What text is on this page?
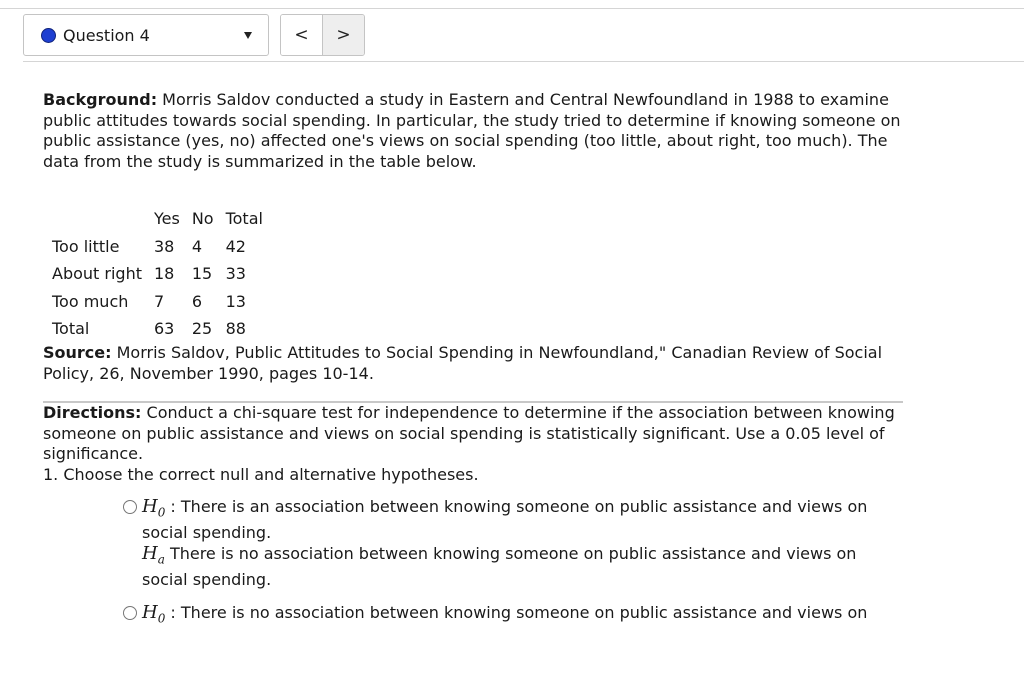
Question 4	<	>

Background: Morris Saldov conducted a study in Eastern and Central Newfoundland in 1988 to examine public attitudes towards social spending. In particular, the study tried to determine if knowing someone on public assistance (yes, no) affected one's views on social spending (too little, about right, too much). The data from the study is summarized in the table below.

	Yes	No	Total
Too little	38	4	42
About right	18	15	33
Too much	7	6	13
Total	63	25	88

Source: Morris Saldov, Public Attitudes to Social Spending in Newfoundland," Canadian Review of Social Policy, 26, November 1990, pages 10-14.

Directions: Conduct a chi-square test for independence to determine if the association between knowing someone on public assistance and views on social spending is statistically significant. Use a 0.05 level of significance.

1. Choose the correct null and alternative hypotheses.

$H_0$ : There is an association between knowing someone on public assistance and views on social spending.
$H_a$ There is no association between knowing someone on public assistance and views on social spending.
$H_0$ : There is no association between knowing someone on public assistance and views on
